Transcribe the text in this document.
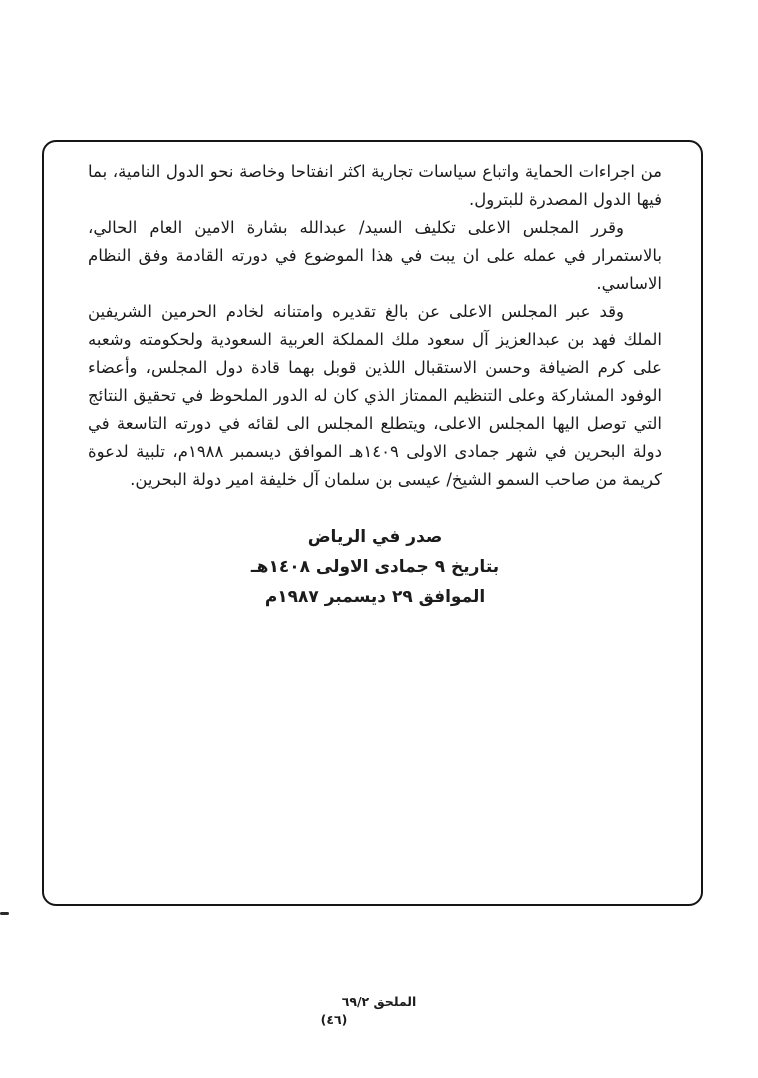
من اجراءات الحماية واتباع سياسات تجارية اكثر انفتاحا وخاصة نحو الدول النامية، بما فيها الدول المصدرة للبترول.

وقرر المجلس الاعلى تكليف السيد/ عبدالله بشارة الامين العام الحالي، بالاستمرار في عمله على ان يبت في هذا الموضوع في دورته القادمة وفق النظام الاساسي.

وقد عبر المجلس الاعلى عن بالغ تقديره وامتنانه لخادم الحرمين الشريفين الملك فهد بن عبدالعزيز آل سعود ملك المملكة العربية السعودية ولحكومته وشعبه على كرم الضيافة وحسن الاستقبال اللذين قوبل بهما قادة دول المجلس، وأعضاء الوفود المشاركة وعلى التنظيم الممتاز الذي كان له الدور الملحوظ في تحقيق النتائج التي توصل اليها المجلس الاعلى، ويتطلع المجلس الى لقائه في دورته التاسعة في دولة البحرين في شهر جمادى الاولى ١٤٠٩هـ الموافق ديسمبر ١٩٨٨م، تلبية لدعوة كريمة من صاحب السمو الشيخ/ عيسى بن سلمان آل خليفة امير دولة البحرين.

صدر في الرياض
بتاريخ ٩ جمادى الاولى ١٤٠٨هـ
الموافق ٢٩ ديسمبر ١٩٨٧م
الملحق ٦٩/٢
(٤٦)
